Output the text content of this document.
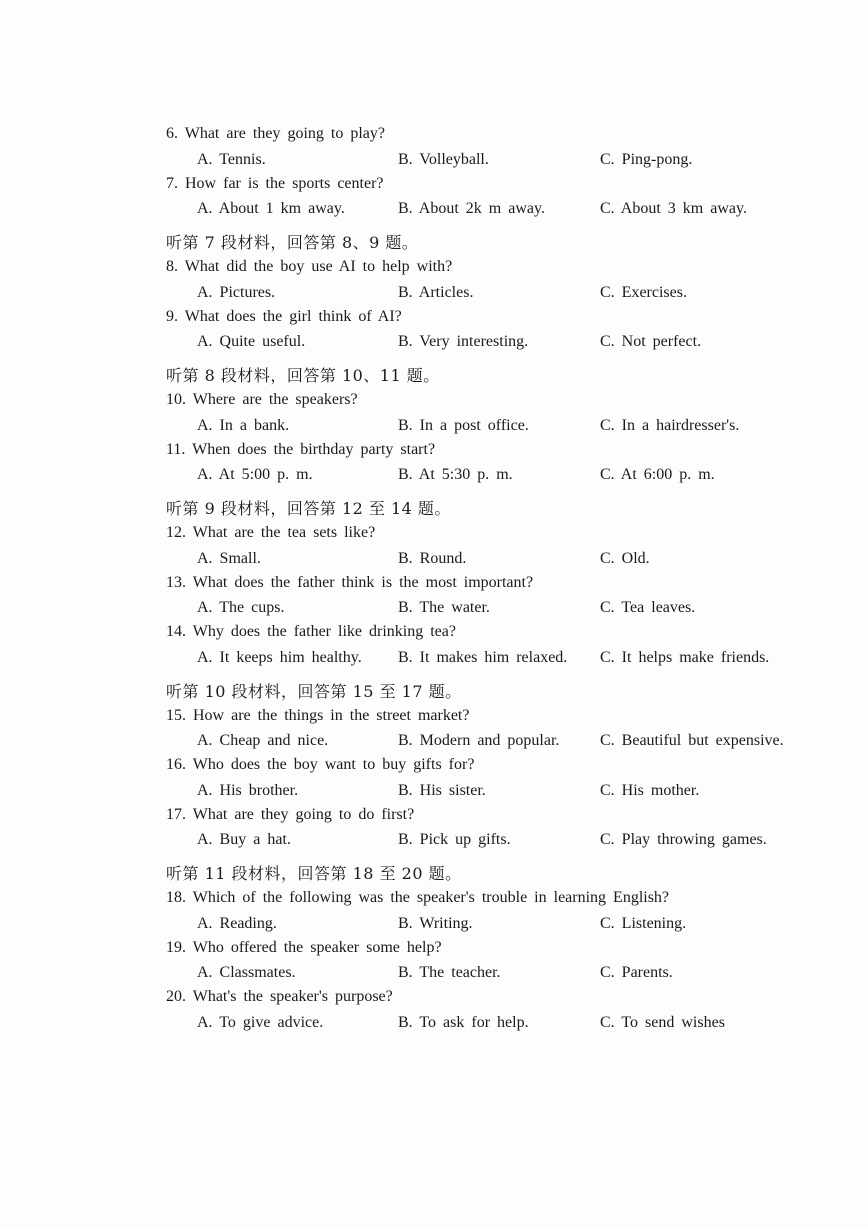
6. What are they going to play?
A. Tennis.	B. Volleyball.	C. Ping-pong.
7. How far is the sports center?
A. About 1 km away.	B. About 2k m away.	C. About 3 km away.
听第 7 段材料，回答第 8、9 题。
8. What did the boy use AI to help with?
A. Pictures.	B. Articles.	C. Exercises.
9. What does the girl think of AI?
A. Quite useful.	B. Very interesting.	C. Not perfect.
听第 8 段材料，回答第 10、11 题。
10. Where are the speakers?
A. In a bank.	B. In a post office.	C. In a hairdresser's.
11. When does the birthday party start?
A. At 5:00 p. m.	B. At 5:30 p. m.	C. At 6:00 p. m.
听第 9 段材料，回答第 12 至 14 题。
12. What are the tea sets like?
A. Small.	B. Round.	C. Old.
13. What does the father think is the most important?
A. The cups.	B. The water.	C. Tea leaves.
14. Why does the father like drinking tea?
A. It keeps him healthy. B. It makes him relaxed. C. It helps make friends.
听第 10 段材料，回答第 15 至 17 题。
15. How are the things in the street market?
A. Cheap and nice.	B. Modern and popular.	C. Beautiful but expensive.
16. Who does the boy want to buy gifts for?
A. His brother.	B. His sister.	C. His mother.
17. What are they going to do first?
A. Buy a hat.	B. Pick up gifts.	C. Play throwing games.
听第 11 段材料，回答第 18 至 20 题。
18. Which of the following was the speaker's trouble in learning English?
A. Reading.	B. Writing.	C. Listening.
19. Who offered the speaker some help?
A. Classmates.	B. The teacher.	C. Parents.
20. What's the speaker's purpose?
A. To give advice.	B. To ask for help.	C. To send wishes
